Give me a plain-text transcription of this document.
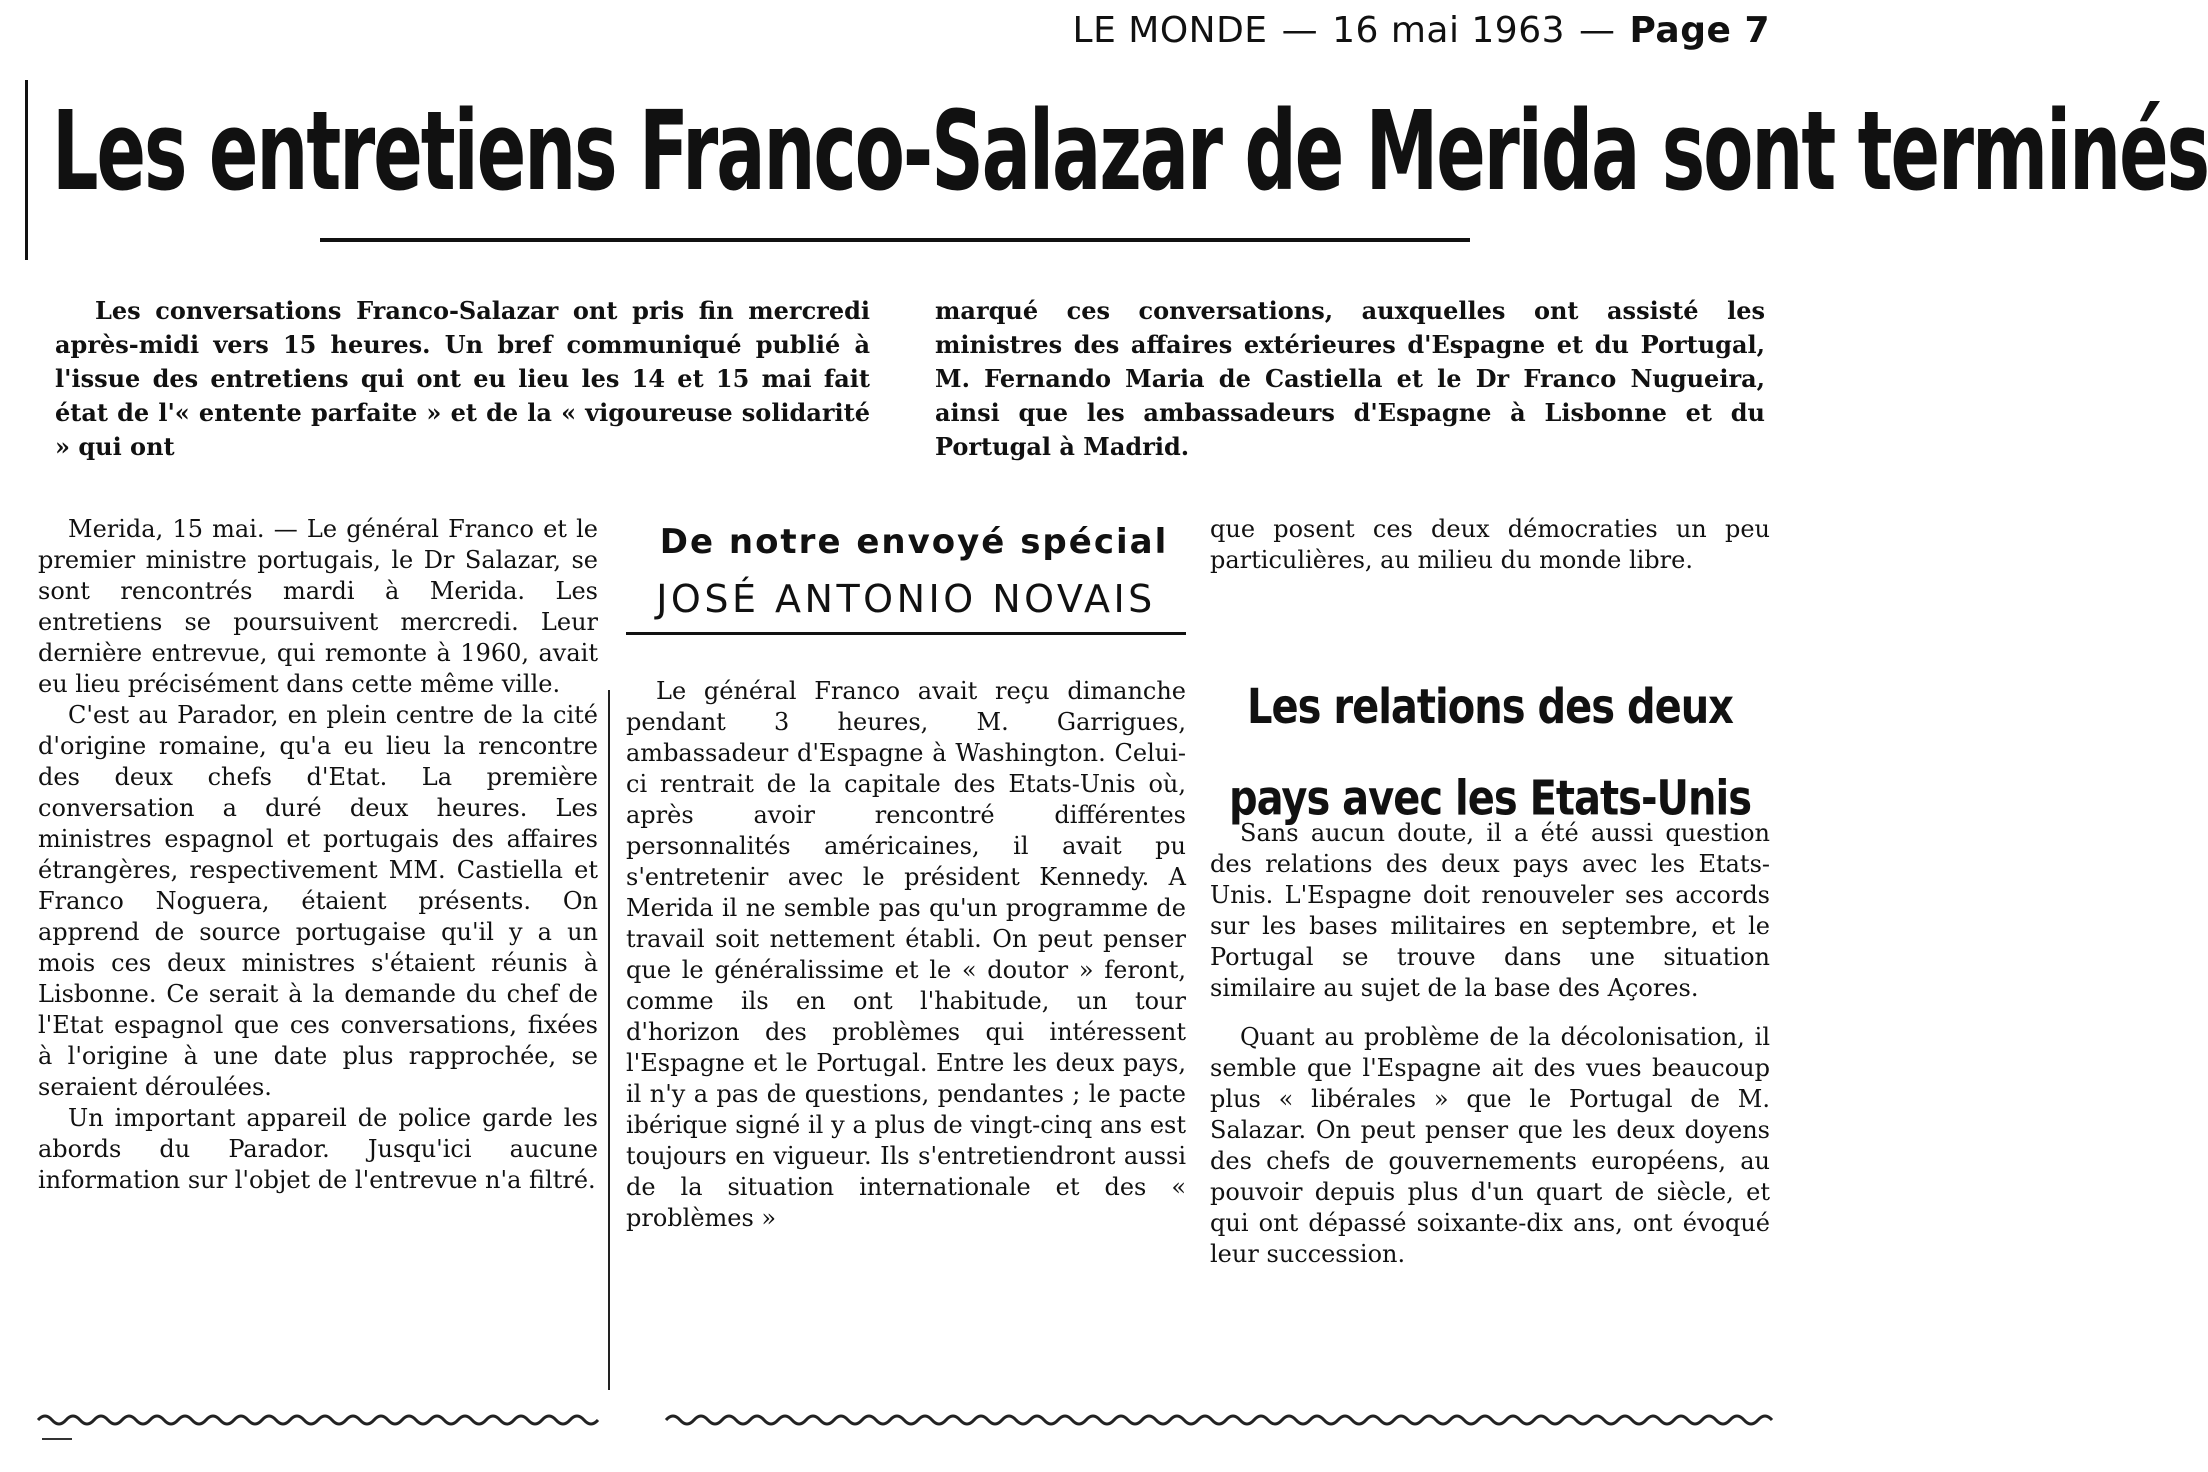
LE MONDE — 16 mai 1963 — Page 7
Les entretiens Franco-Salazar de Merida sont terminés
Les conversations Franco-Salazar ont pris fin mercredi après-midi vers 15 heures. Un bref communiqué publié à l'issue des entretiens qui ont eu lieu les 14 et 15 mai fait état de l'« entente parfaite » et de la « vigoureuse solidarité » qui ont
marqué ces conversations, auxquelles ont assisté les ministres des affaires extérieures d'Espagne et du Portugal, M. Fernando Maria de Castiella et le Dr Franco Nugueira, ainsi que les ambassadeurs d'Espagne à Lisbonne et du Portugal à Madrid.

Merida, 15 mai. — Le général Franco et le premier ministre portugais, le Dr Salazar, se sont rencontrés mardi à Merida. Les entretiens se poursuivent mercredi. Leur dernière entrevue, qui remonte à 1960, avait eu lieu précisément dans cette même ville.

C'est au Parador, en plein centre de la cité d'origine romaine, qu'a eu lieu la rencontre des deux chefs d'Etat. La première conversation a duré deux heures. Les ministres espagnol et portugais des affaires étrangères, respectivement MM. Castiella et Franco Noguera, étaient présents. On apprend de source portugaise qu'il y a un mois ces deux ministres s'étaient réunis à Lisbonne. Ce serait à la demande du chef de l'Etat espagnol que ces conversations, fixées à l'origine à une date plus rapprochée, se seraient déroulées.

Un important appareil de police garde les abords du Parador. Jusqu'ici aucune information sur l'objet de l'entrevue n'a filtré.

De notre envoyé spécial
JOSÉ ANTONIO NOVAIS

Le général Franco avait reçu dimanche pendant 3 heures, M. Garrigues, ambassadeur d'Espagne à Washington. Celui-ci rentrait de la capitale des Etats-Unis où, après avoir rencontré différentes personnalités américaines, il avait pu s'entretenir avec le président Kennedy. A Merida il ne semble pas qu'un programme de travail soit nettement établi. On peut penser que le généralissime et le « doutor » feront, comme ils en ont l'habitude, un tour d'horizon des problèmes qui intéressent l'Espagne et le Portugal. Entre les deux pays, il n'y a pas de questions, pendantes ; le pacte ibérique signé il y a plus de vingt-cinq ans est toujours en vigueur. Ils s'entretiendront aussi de la situation internationale et des « problèmes »

que posent ces deux démocraties un peu particulières, au milieu du monde libre.

Les relations des deux pays avec les Etats-Unis

Sans aucun doute, il a été aussi question des relations des deux pays avec les Etats-Unis. L'Espagne doit renouveler ses accords sur les bases militaires en septembre, et le Portugal se trouve dans une situation similaire au sujet de la base des Açores.

Quant au problème de la décolonisation, il semble que l'Espagne ait des vues beaucoup plus « libérales » que le Portugal de M. Salazar. On peut penser que les deux doyens des chefs de gouvernements européens, au pouvoir depuis plus d'un quart de siècle, et qui ont dépassé soixante-dix ans, ont évoqué leur succession.
